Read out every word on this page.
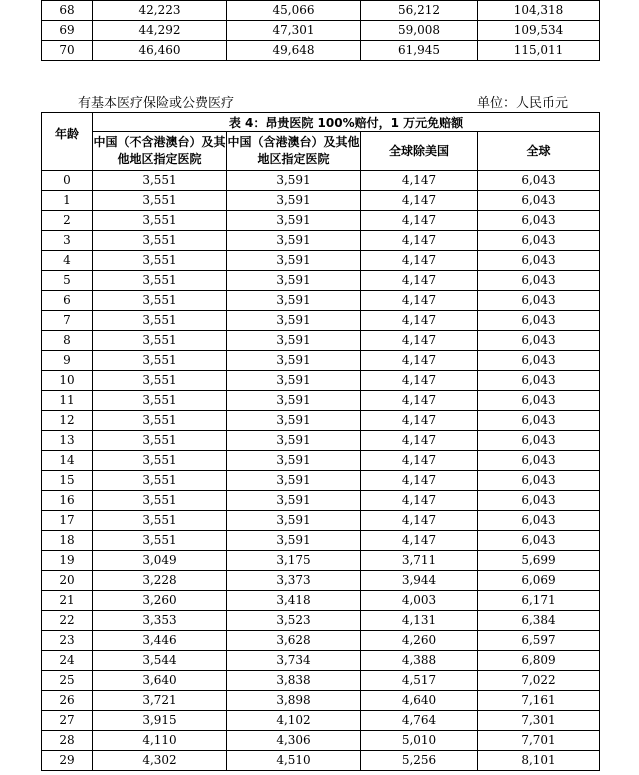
68	42,223	45,066	56,212	104,318
69	44,292	47,301	59,008	109,534
70	46,460	49,648	61,945	115,011
有基本医疗保险或公费医疗	单位：人民币元
年龄	表 4：昂贵医院 100%赔付，1 万元免赔额			
	中国（不含港澳台）及其他地区指定医院	中国（含港澳台）及其他地区指定医院	全球除美国	全球
0	3,551	3,591	4,147	6,043
1	3,551	3,591	4,147	6,043
2	3,551	3,591	4,147	6,043
3	3,551	3,591	4,147	6,043
4	3,551	3,591	4,147	6,043
5	3,551	3,591	4,147	6,043
6	3,551	3,591	4,147	6,043
7	3,551	3,591	4,147	6,043
8	3,551	3,591	4,147	6,043
9	3,551	3,591	4,147	6,043
10	3,551	3,591	4,147	6,043
11	3,551	3,591	4,147	6,043
12	3,551	3,591	4,147	6,043
13	3,551	3,591	4,147	6,043
14	3,551	3,591	4,147	6,043
15	3,551	3,591	4,147	6,043
16	3,551	3,591	4,147	6,043
17	3,551	3,591	4,147	6,043
18	3,551	3,591	4,147	6,043
19	3,049	3,175	3,711	5,699
20	3,228	3,373	3,944	6,069
21	3,260	3,418	4,003	6,171
22	3,353	3,523	4,131	6,384
23	3,446	3,628	4,260	6,597
24	3,544	3,734	4,388	6,809
25	3,640	3,838	4,517	7,022
26	3,721	3,898	4,640	7,161
27	3,915	4,102	4,764	7,301
28	4,110	4,306	5,010	7,701
29	4,302	4,510	5,256	8,101
